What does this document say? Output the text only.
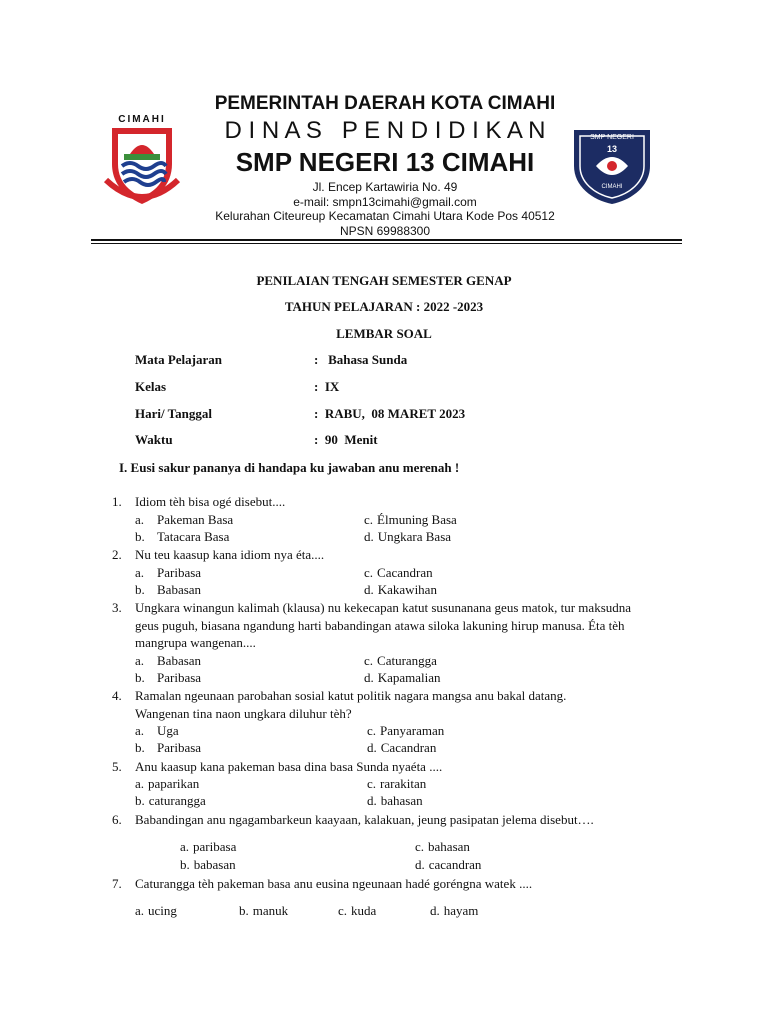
CIMAHI
SMP NEGERI
13
CIMAHI
PEMERINTAH DAERAH KOTA CIMAHI
D I N A S   P E N D I D I K A N
SMP NEGERI 13 CIMAHI
Jl. Encep Kartawiria No. 49
e-mail: smpn13cimahi@gmail.com
Kelurahan Citeureup Kecamatan Cimahi Utara Kode Pos 40512
NPSN 69988300
PENILAIAN TENGAH SEMESTER GENAP
TAHUN PELAJARAN : 2022 -2023
LEMBAR SOAL
Mata Pelajaran	:   Bahasa Sunda
Kelas	:  IX
Hari/ Tanggal	:  RABU,  08 MARET 2023
Waktu	:  90  Menit
I. Eusi sakur pananya di handapa ku jawaban anu merenah !
1. Idiom tèh bisa ogé disebut....
a. Pakeman Basa	c. Élmuning Basa
b. Tatacara Basa	d. Ungkara Basa
2. Nu teu kaasup kana idiom nya éta....
a. Paribasa	c. Cacandran
b. Babasan	d. Kakawihan
3. Ungkara winangun kalimah (klausa) nu kekecapan katut susunanana geus matok, tur maksudna
geus puguh, biasana ngandung harti babandingan atawa siloka lakuning hirup manusa. Éta tèh
mangrupa wangenan....
a. Babasan	c. Caturangga
b. Paribasa	d. Kapamalian
4. Ramalan ngeunaan parobahan sosial katut politik nagara mangsa anu bakal datang.
Wangenan tina naon ungkara diluhur tèh?
a. Uga	c. Panyaraman
b. Paribasa	d. Cacandran
5. Anu kaasup kana pakeman basa dina basa Sunda nyaéta ....
a. paparikan	c. rarakitan
b. caturangga	d. bahasan
6. Babandingan anu ngagambarkeun kaayaan, kalakuan, jeung pasipatan jelema disebut….
a. paribasa	c. bahasan
b. babasan	d. cacandran
7. Caturangga tèh pakeman basa anu eusina ngeunaan hadé goréngna watek ....
a. ucing	b. manuk	c. kuda	d. hayam
